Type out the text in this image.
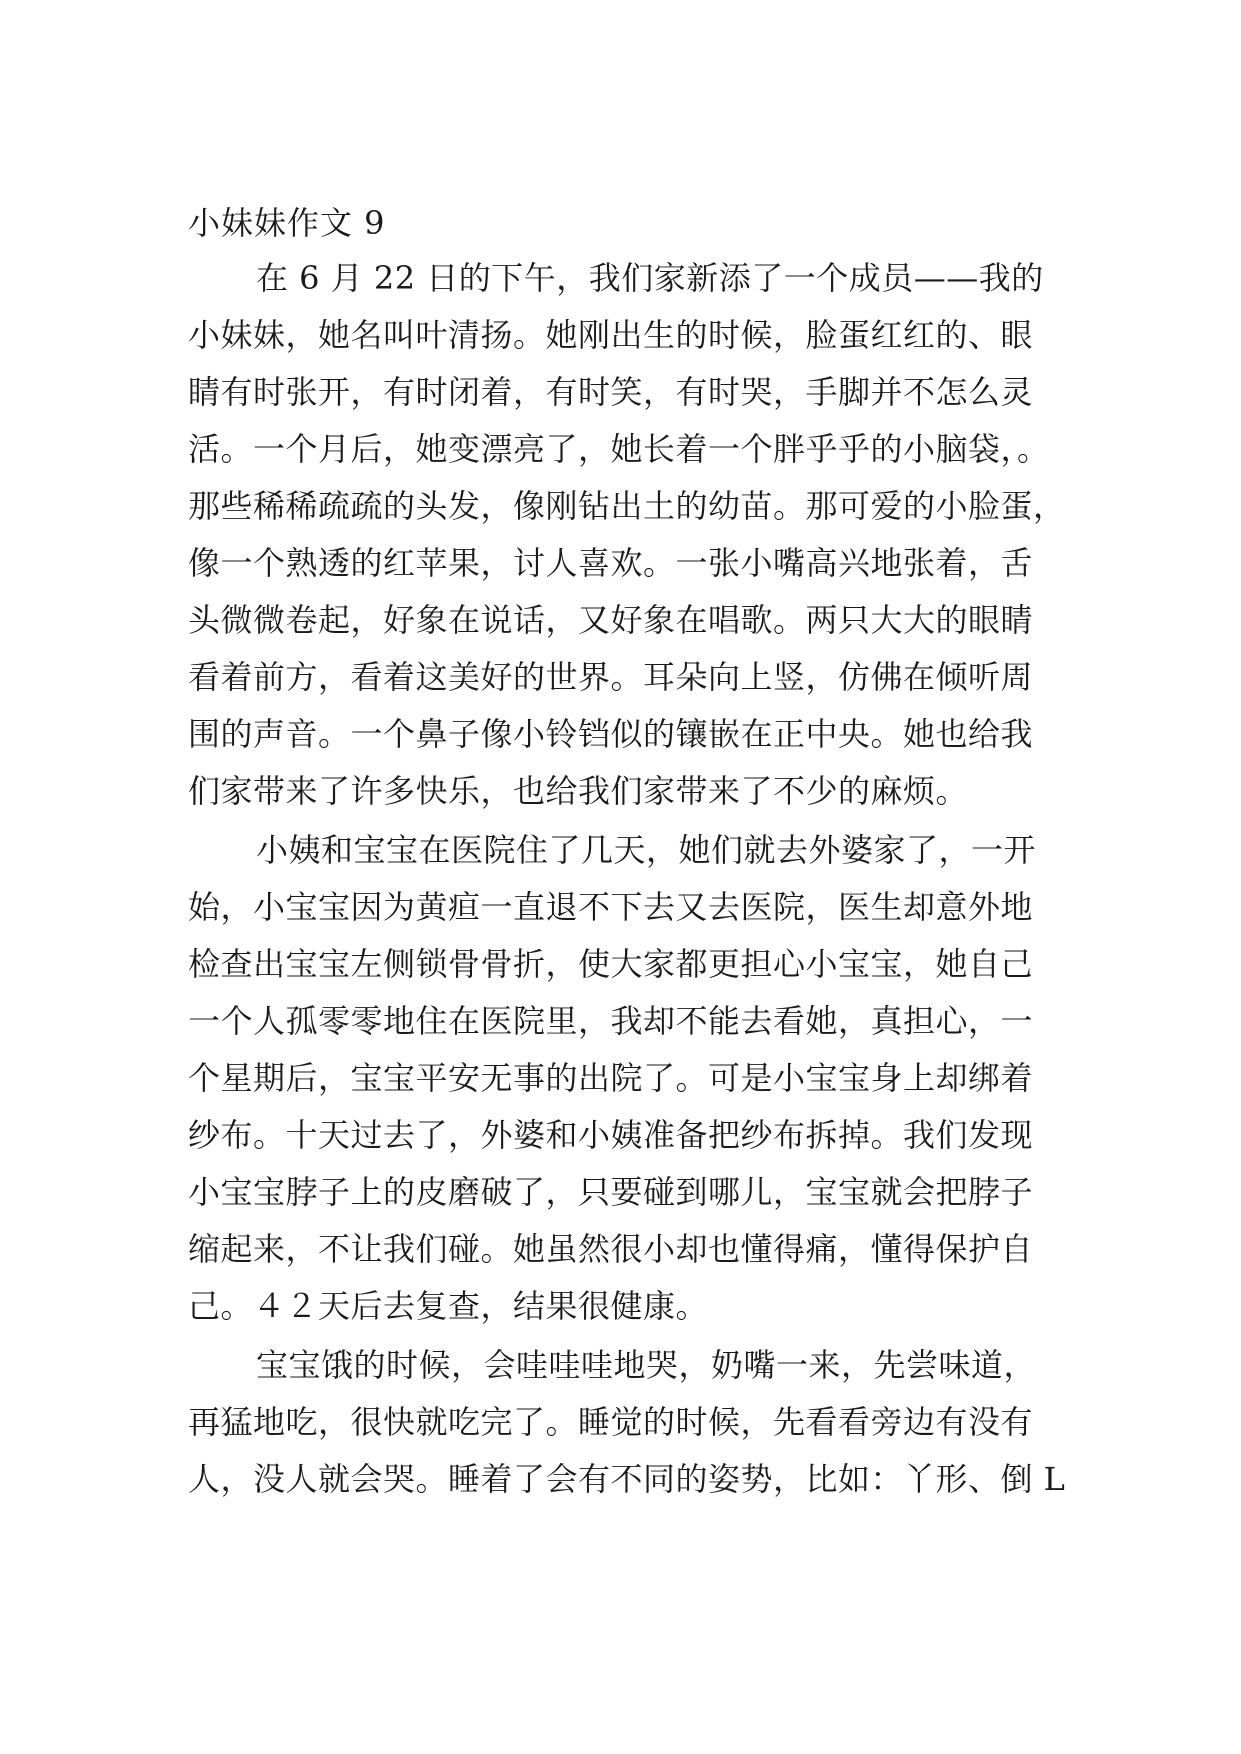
小妹妹作文 9
在 6 月 22 日的下午，我们家新添了一个成员——我的
小妹妹，她名叫叶清扬。她刚出生的时候，脸蛋红红的、眼
睛有时张开，有时闭着，有时笑，有时哭，手脚并不怎么灵
活。一个月后，她变漂亮了，她长着一个胖乎乎的小脑袋，。
那些稀稀疏疏的头发，像刚钻出土的幼苗。那可爱的小脸蛋，
像一个熟透的红苹果，讨人喜欢。一张小嘴高兴地张着，舌
头微微卷起，好象在说话，又好象在唱歌。两只大大的眼睛
看着前方，看着这美好的世界。耳朵向上竖，仿佛在倾听周
围的声音。一个鼻子像小铃铛似的镶嵌在正中央。她也给我
们家带来了许多快乐，也给我们家带来了不少的麻烦。
小姨和宝宝在医院住了几天，她们就去外婆家了，一开
始，小宝宝因为黄疸一直退不下去又去医院，医生却意外地
检查出宝宝左侧锁骨骨折，使大家都更担心小宝宝，她自己
一个人孤零零地住在医院里，我却不能去看她，真担心，一
个星期后，宝宝平安无事的出院了。可是小宝宝身上却绑着
纱布。十天过去了，外婆和小姨准备把纱布拆掉。我们发现
小宝宝脖子上的皮磨破了，只要碰到哪儿，宝宝就会把脖子
缩起来，不让我们碰。她虽然很小却也懂得痛，懂得保护自
己。４２天后去复查，结果很健康。
宝宝饿的时候，会哇哇哇地哭，奶嘴一来，先尝味道，
再猛地吃，很快就吃完了。睡觉的时候，先看看旁边有没有
人，没人就会哭。睡着了会有不同的姿势，比如：丫形、倒 L
